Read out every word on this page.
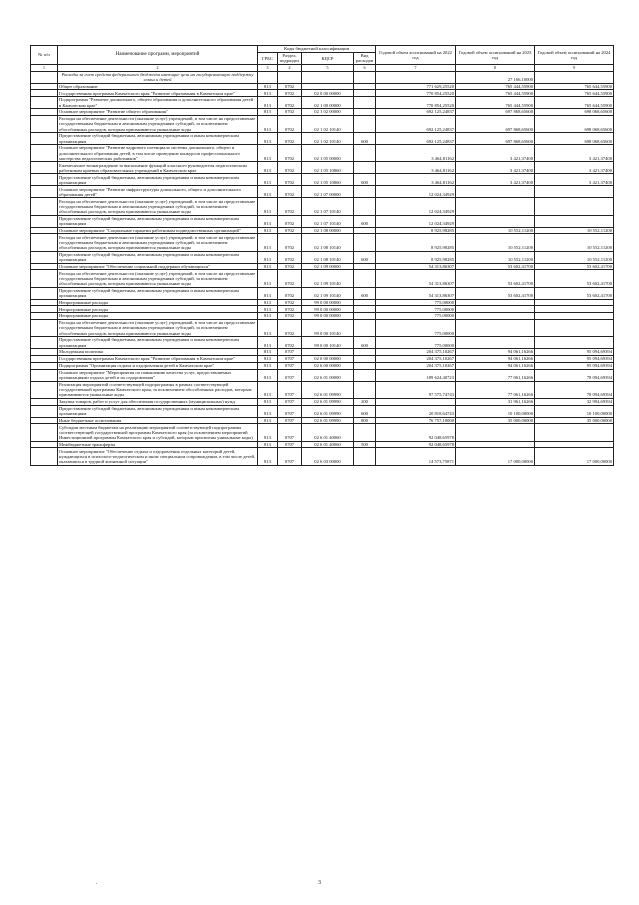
№ п/п	Наименование программ, мероприятий	Коды бюджетной классификации				Годовой объем ассигнований на 2022 год	Годовой объем ассигнований на 2023 год	Годовой объем ассигнований на 2024 год
		ГРБС	Раздел, подраздел	КЦСР	Вид расходов			
1	2	3	4	5	6	7	8	9
	Расходы за счет средств федерального бюджета имеющие цели на государственную поддержку семьи и детей						27 166,10000	
	Общее образование	813	0702			771 629,25520	765 444,55900	765 644,55900
	Государственная программа Камчатского края "Развитие образования в Камчатском крае"	813	0702	02 0 00 00000		770 854,25520	765 444,55900	765 644,55900
	Подпрограмма "Развитие дошкольного, общего образования и дополнительного образования детей в Камчатском крае"	813	0702	02 1 00 00000		770 854,25520	765 444,55900	765 644,55900
	Основное мероприятие "Развитие общего образования"	813	0702	02 1 02 00000		692 125,24837	697 868,65600	698 068,65600
	Расходы на обеспечение деятельности (оказание услуг) учреждений, в том числе на предоставление государственным бюджетным и автономным учреждениям субсидий, за исключением обособленных расходов, которым присваиваются уникальные коды	813	0702	02 1 02 10140		692 125,24837	697 868,65600	698 068,65600
	Предоставление субсидий бюджетным, автономным учреждениям и иным некоммерческим организациям	813	0702	02 1 02 10140	600	692 125,24837	697 868,65600	698 068,65600
	Основное мероприятие "Развитие кадрового потенциала системы дошкольного, общего и дополнительного образования детей, в том числе проведение конкурсов профессионального мастерства педагогических работников"	813	0702	02 1 05 00000		3 464,81162	3 421,37400	3 421,37400
	Ежемесячное вознаграждение за выполнение функций классного руководителя педагогическим работникам краевых образовательных учреждений в Камчатском крае	813	0702	02 1 05 10860		3 464,81162	3 421,37400	3 421,37400
	Предоставление субсидий бюджетным, автономным учреждениям и иным некоммерческим организациям	813	0702	02 1 05 10860	600	3 464,81162	3 421,37400	3 421,37400
	Основное мероприятие "Развитие инфраструктуры дошкольного, общего и дополнительного образования детей"	813	0702	02 1 07 00000		12 024,34929		
	Расходы на обеспечение деятельности (оказание услуг) учреждений, в том числе на предоставление государственным бюджетным и автономным учреждениям субсидий, за исключением обособленных расходов, которым присваиваются уникальные коды	813	0702	02 1 07 10140		12 024,34929		
	Предоставление субсидий бюджетным, автономным учреждениям и иным некоммерческим организациям	813	0702	02 1 07 10140	600	12 024,34929		
	Основное мероприятие "Социальные гарантии работникам подведомственных организаций"	813	0702	02 1 08 00000		8 925,98285	10 552,11200	10 552,11200
	Расходы на обеспечение деятельности (оказание услуг) учреждений, в том числе на предоставление государственным бюджетным и автономным учреждениям субсидий, за исключением обособленных расходов, которым присваиваются уникальные коды	813	0702	02 1 08 10140		8 925,98285	10 552,11200	10 552,11200
	Предоставление субсидий бюджетным, автономным учреждениям и иным некоммерческим организациям	813	0702	02 1 08 10140	600	8 925,98285	10 552,11200	10 552,11200
	Основное мероприятие "Обеспечение социальной поддержки обучающихся"	813	0702	02 1 09 00000		54 313,86307	53 602,41700	53 602,41700
	Расходы на обеспечение деятельности (оказание услуг) учреждений, в том числе на предоставление государственным бюджетным и автономным учреждениям субсидий, за исключением обособленных расходов, которым присваиваются уникальные коды	813	0702	02 1 09 10140		54 313,86307	53 602,41700	53 602,41700
	Предоставление субсидий бюджетным, автономным учреждениям и иным некоммерческим организациям	813	0702	02 1 09 10140	600	54 313,86307	53 602,41700	53 602,41700
	Непрограммные расходы	813	0702	99 0 00 00000		775,00000		
	Непрограммные расходы	813	0702	99 0 00 00000		775,00000		
	Непрограммные расходы	813	0702	99 0 00 00000		775,00000		
	Расходы на обеспечение деятельности (оказание услуг) учреждений, в том числе на предоставление государственным бюджетным и автономным учреждениям субсидий, за исключением обособленных расходов, которым присваиваются уникальные коды	813	0702	99 0 00 10140		775,00000		
	Предоставление субсидий бюджетным, автономным учреждениям и иным некоммерческим организациям	813	0702	99 0 00 10140	600	775,00000		
	Молодежная политика	813	0707			204 375,10267	94 061,16266	95 094,69394
	Государственная программа Камчатского края "Развитие образования в Камчатском крае"	813	0707	02 0 00 00000		204 375,10267	94 061,16266	95 094,69394
	Подпрограмма "Организация отдыха и оздоровления детей в Камчатском крае"	813	0707	02 6 00 00000		204 375,10267	94 061,16266	95 094,69394
	Основное мероприятие "Мероприятия по повышению качества услуг, предоставляемых организациями отдыха детей и их оздоровления"	813	0707	02 6 01 00000		189 624,40723	77 061,16266	78 094,69394
	Реализация мероприятий соответствующей подпрограммы в рамках соответствующей государственной программы Камчатского края, за исключением обособленных расходов, которым присваиваются уникальные коды	813	0707	02 6 01 09990		97 575,74743	77 061,16266	78 094,69394
	Закупка товаров, работ и услуг для обеспечения государственных (муниципальных) нужд	813	0707	02 6 01 09990	200		31 961,16266	32 994,69394
	Предоставление субсидий бюджетным, автономным учреждениям и иным некоммерческим организациям	813	0707	02 6 01 09990	600	20 818,64743	10 100,00000	10 100,00000
	Иные бюджетные ассигнования	813	0707	02 6 01 09990	800	76 757,10000	35 000,00000	35 000,00000
	Субсидии местным бюджетам на реализацию мероприятий соответствующей подпрограммы соответствующей государственной программы Камчатского края (за исключением мероприятий Инвестиционной программы Камчатского края и субсидий, которым присвоены уникальные коды)	813	0707	02 6 01 40060		92 048,65978		
	Межбюджетные трансферты	813	0707	02 6 01 40060	500	92 048,65978		
	Основное мероприятие "Обеспечение отдыха и оздоровления отдельных категорий детей, нуждающихся в психолого-педагогическом и ином специальном сопровождении, в том числе детей, оказавшихся в трудной жизненной ситуации"	813	0707	02 6 03 00000		14 573,75871	17 000,00000	17 000,00000
.	3
